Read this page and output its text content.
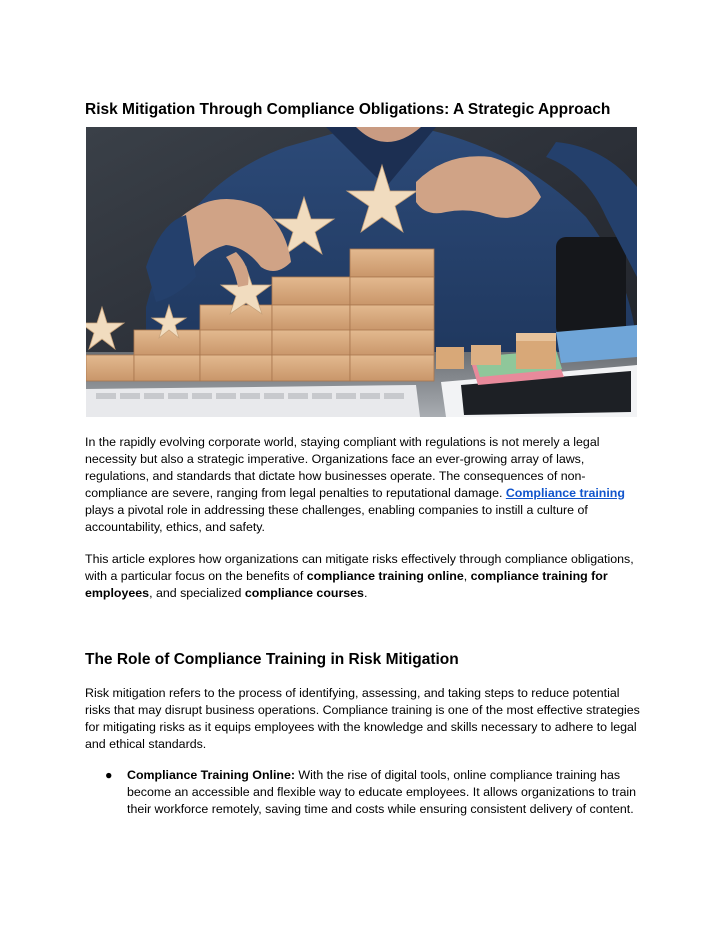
Risk Mitigation Through Compliance Obligations: A Strategic Approach

In the rapidly evolving corporate world, staying compliant with regulations is not merely a legal necessity but also a strategic imperative. Organizations face an ever-growing array of laws, regulations, and standards that dictate how businesses operate. The consequences of non-compliance are severe, ranging from legal penalties to reputational damage. Compliance training plays a pivotal role in addressing these challenges, enabling companies to instill a culture of accountability, ethics, and safety.

This article explores how organizations can mitigate risks effectively through compliance obligations, with a particular focus on the benefits of compliance training online, compliance training for employees, and specialized compliance courses.

The Role of Compliance Training in Risk Mitigation

Risk mitigation refers to the process of identifying, assessing, and taking steps to reduce potential risks that may disrupt business operations. Compliance training is one of the most effective strategies for mitigating risks as it equips employees with the knowledge and skills necessary to adhere to legal and ethical standards.

● Compliance Training Online: With the rise of digital tools, online compliance training has become an accessible and flexible way to educate employees. It allows organizations to train their workforce remotely, saving time and costs while ensuring consistent delivery of content.
